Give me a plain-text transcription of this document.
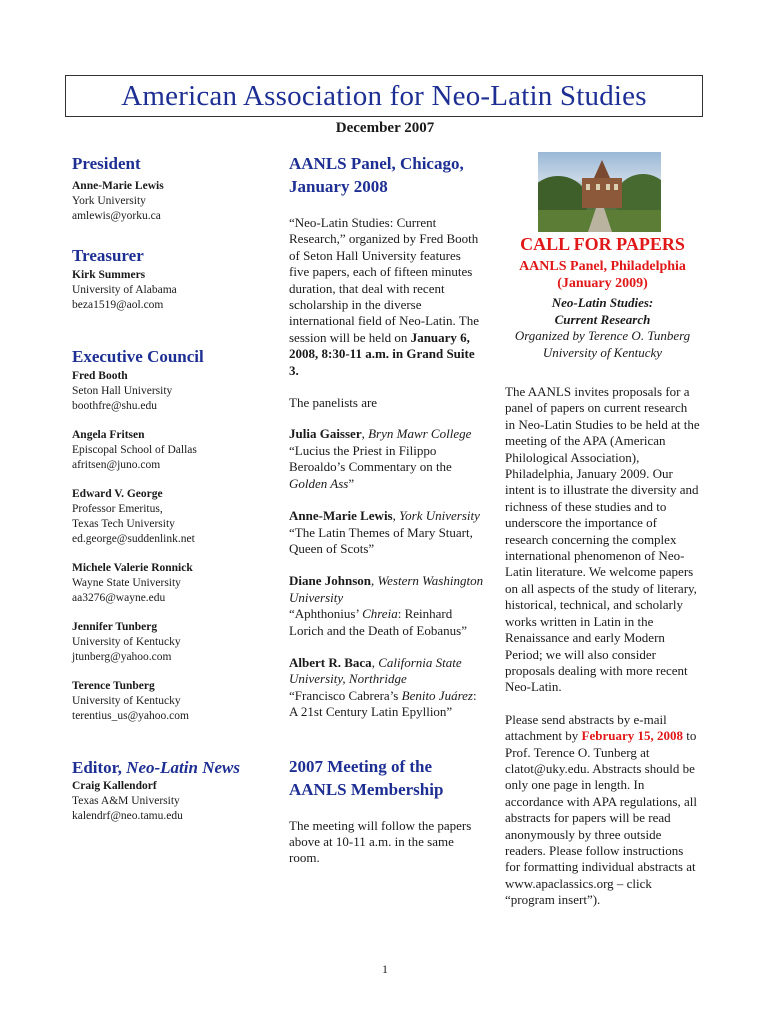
American Association for Neo-Latin Studies
December 2007
President
Anne-Marie Lewis
York University
amlewis@yorku.ca
Treasurer
Kirk Summers
University of Alabama
beza1519@aol.com
Executive Council
Fred Booth
Seton Hall University
boothfre@shu.edu
Angela Fritsen
Episcopal School of Dallas
afritsen@juno.com
Edward V. George
Professor Emeritus,
Texas Tech University
ed.george@suddenlink.net
Michele Valerie Ronnick
Wayne State University
aa3276@wayne.edu
Jennifer Tunberg
University of Kentucky
jtunberg@yahoo.com
Terence Tunberg
University of Kentucky
terentius_us@yahoo.com
Editor, Neo-Latin News
Craig Kallendorf
Texas A&M University
kalendrf@neo.tamu.edu
AANLS Panel, Chicago, January 2008

“Neo-Latin Studies: Current Research,” organized by Fred Booth of Seton Hall University features five papers, each of fifteen minutes duration, that deal with recent scholarship in the diverse international field of Neo-Latin. The session will be held on January 6, 2008, 8:30-11 a.m. in Grand Suite 3.

The panelists are

Julia Gaisser, Bryn Mawr College
“Lucius the Priest in Filippo Beroaldo’s Commentary on the Golden Ass”

Anne-Marie Lewis, York University
“The Latin Themes of Mary Stuart, Queen of Scots”

Diane Johnson, Western Washington University
“Aphthonius’ Chreia: Reinhard Lorich and the Death of Eobanus”

Albert R. Baca, California State University, Northridge
“Francisco Cabrera’s Benito Juárez: A 21st Century Latin Epyllion”

2007 Meeting of the AANLS Membership

The meeting will follow the papers above at 10-11 a.m. in the same room.

CALL FOR PAPERS
AANLS Panel, Philadelphia (January 2009)
Neo-Latin Studies:
Current Research
Organized by Terence O. Tunberg
University of Kentucky

The AANLS invites proposals for a panel of papers on current research in Neo-Latin Studies to be held at the meeting of the APA (American Philological Association), Philadelphia, January 2009. Our intent is to illustrate the diversity and richness of these studies and to underscore the importance of research concerning the complex international phenomenon of Neo-Latin literature. We welcome papers on all aspects of the study of literary, historical, technical, and scholarly works written in Latin in the Renaissance and early Modern Period; we will also consider proposals dealing with more recent Neo-Latin.

Please send abstracts by e-mail attachment by February 15, 2008 to Prof. Terence O. Tunberg at clatot@uky.edu. Abstracts should be only one page in length. In accordance with APA regulations, all abstracts for papers will be read anonymously by three outside readers. Please follow instructions for formatting individual abstracts at www.apaclassics.org – click “program insert”).

1
